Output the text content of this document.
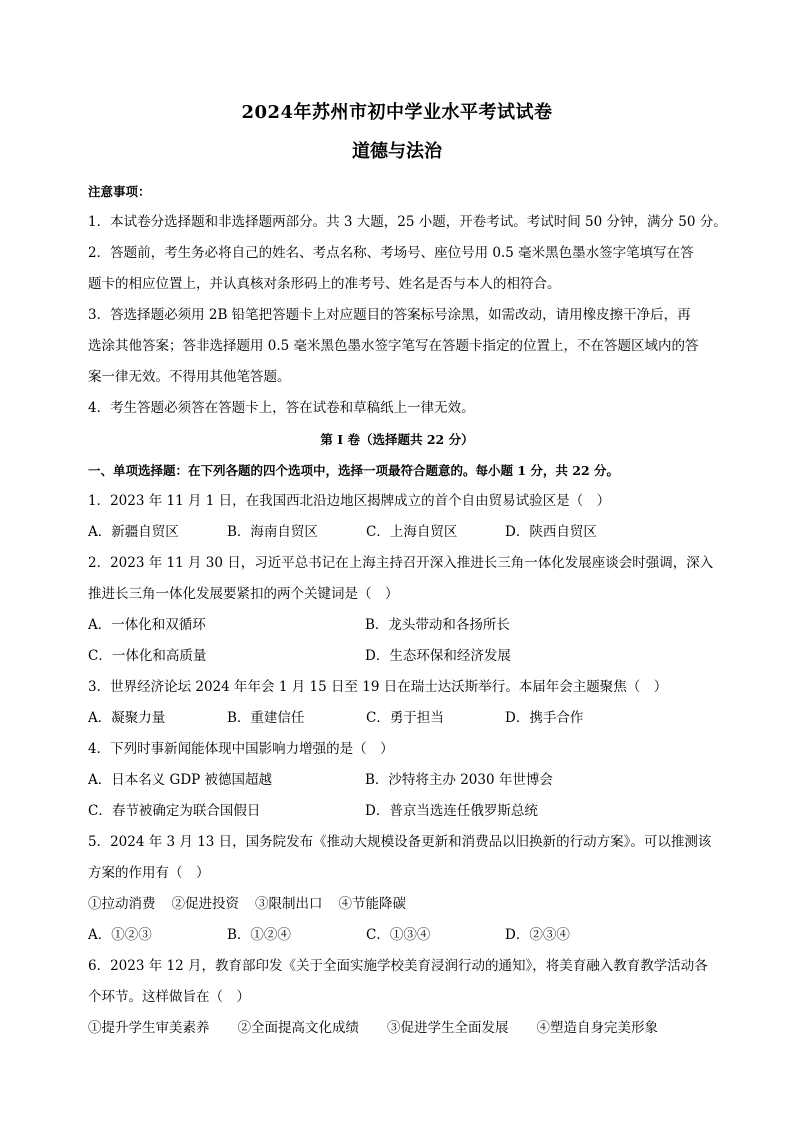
2024年苏州市初中学业水平考试试卷
道德与法治
注意事项：
1．本试卷分选择题和非选择题两部分。共 3 大题，25 小题，开卷考试。考试时间 50 分钟，满分 50 分。
2．答题前，考生务必将自己的姓名、考点名称、考场号、座位号用 0.5 毫米黑色墨水签字笔填写在答
题卡的相应位置上，并认真核对条形码上的准考号、姓名是否与本人的相符合。
3．答选择题必须用 2B 铅笔把答题卡上对应题目的答案标号涂黑，如需改动，请用橡皮擦干净后，再
选涂其他答案；答非选择题用 0.5 毫米黑色墨水签字笔写在答题卡指定的位置上，不在答题区域内的答
案一律无效。不得用其他笔答题。
4．考生答题必须答在答题卡上，答在试卷和草稿纸上一律无效。
第 I 卷（选择题共 22 分）
一、单项选择题：在下列各题的四个选项中，选择一项最符合题意的。每小题 1 分，共 22 分。
1．2023 年 11 月 1 日，在我国西北沿边地区揭牌成立的首个自由贸易试验区是（　）
A．新疆自贸区	B．海南自贸区	C．上海自贸区	D．陕西自贸区
2．2023 年 11 月 30 日，习近平总书记在上海主持召开深入推进长三角一体化发展座谈会时强调，深入
推进长三角一体化发展要紧扣的两个关键词是（　）
A．一体化和双循环	B．龙头带动和各扬所长
C．一体化和高质量	D．生态环保和经济发展
3．世界经济论坛 2024 年年会 1 月 15 日至 19 日在瑞士达沃斯举行。本届年会主题聚焦（　）
A．凝聚力量	B．重建信任	C．勇于担当	D．携手合作
4．下列时事新闻能体现中国影响力增强的是（　）
A．日本名义 GDP 被德国超越	B．沙特将主办 2030 年世博会
C．春节被确定为联合国假日	D．普京当选连任俄罗斯总统
5．2024 年 3 月 13 日，国务院发布《推动大规模设备更新和消费品以旧换新的行动方案》。可以推测该
方案的作用有（　）
①拉动消费 ②促进投资 ③限制出口 ④节能降碳
A．①②③	B．①②④	C．①③④	D．②③④
6．2023 年 12 月，教育部印发《关于全面实施学校美育浸润行动的通知》，将美育融入教育教学活动各
个环节。这样做旨在（　）
①提升学生审美素养 ②全面提高文化成绩 ③促进学生全面发展 ④塑造自身完美形象
